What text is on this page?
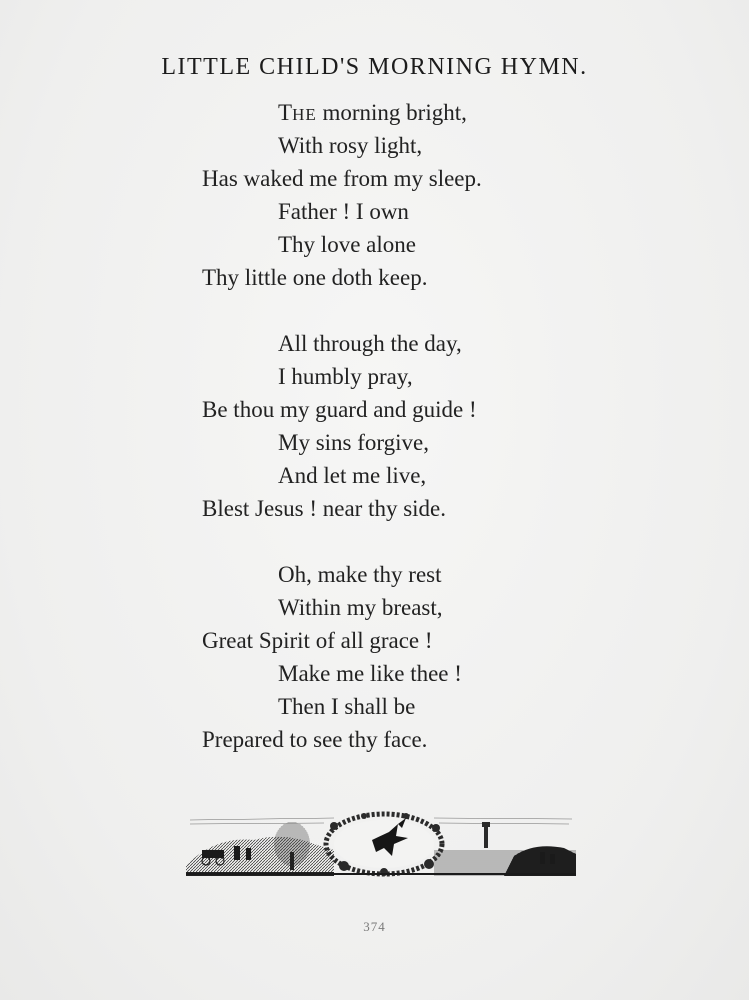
LITTLE CHILD'S MORNING HYMN.
THE morning bright,
With rosy light,
Has waked me from my sleep.
Father ! I own
Thy love alone
Thy little one doth keep.
All through the day,
I humbly pray,
Be thou my guard and guide !
My sins forgive,
And let me live,
Blest Jesus ! near thy side.
Oh, make thy rest
Within my breast,
Great Spirit of all grace !
Make me like thee !
Then I shall be
Prepared to see thy face.
374
